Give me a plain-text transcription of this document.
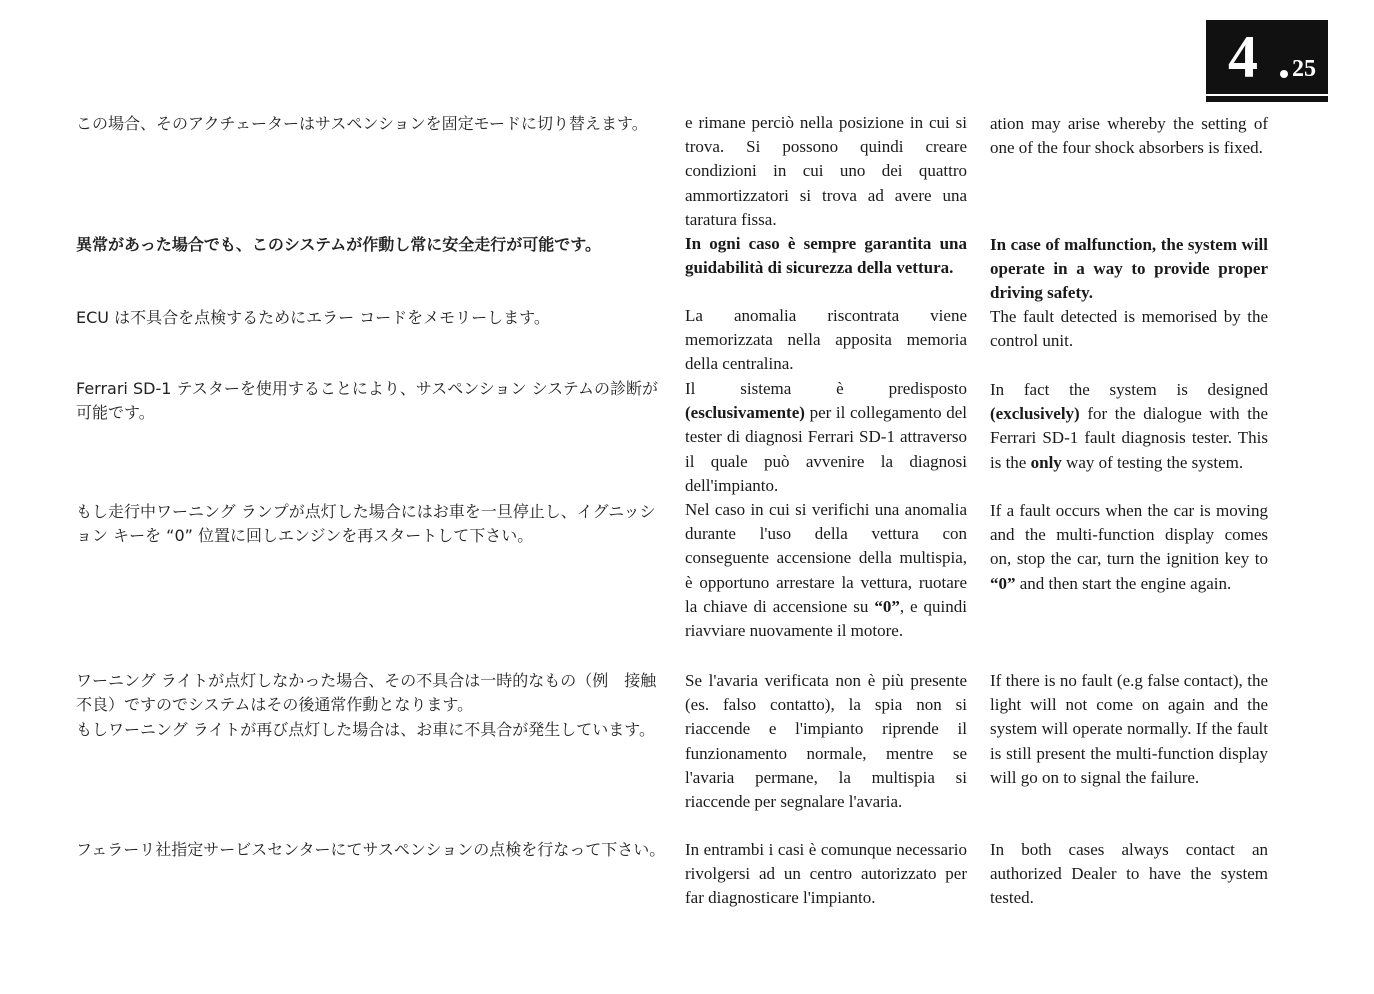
4 25

この場合、そのアクチェーターはサスペンションを固定モードに切り替えます。

異常があった場合でも、このシステムが作動し常に安全走行が可能です。

ECU は不具合を点検するためにエラー コードをメモリーします。

Ferrari SD-1 テスターを使用することにより、サスペンション システムの診断が可能です。

もし走行中ワーニング ランプが点灯した場合にはお車を一旦停止し、イグニッション キーを “0” 位置に回しエンジンを再スタートして下さい。

ワーニング ライトが点灯しなかった場合、その不具合は一時的なもの（例　接触不良）ですのでシステムはその後通常作動となります。

もしワーニング ライトが再び点灯した場合は、お車に不具合が発生しています。

フェラーリ社指定サービスセンターにてサスペンションの点検を行なって下さい。

e rimane perciò nella posizione in cui si trova. Si possono quindi creare condizioni in cui uno dei quattro ammortizzatori si trova ad avere una taratura fissa.

In ogni caso è sempre garantita una guidabilità di sicurezza della vettura.

La anomalia riscontrata viene memorizzata nella apposita memoria della centralina.

Il sistema è predisposto (esclusivamente) per il collegamento del tester di diagnosi Ferrari SD-1 attraverso il quale può avvenire la diagnosi dell'impianto.

Nel caso in cui si verifichi una anomalia durante l'uso della vettura con conseguente accensione della multispia, è opportuno arrestare la vettura, ruotare la chiave di accensione su “0”, e quindi riavviare nuovamente il motore.

Se l'avaria verificata non è più presente (es. falso contatto), la spia non si riaccende e l'impianto riprende il funzionamento normale, mentre se l'avaria permane, la multispia si riaccende per segnalare l'avaria.

In entrambi i casi è comunque necessario rivolgersi ad un centro autorizzato per far diagnosticare l'impianto.

ation may arise whereby the setting of one of the four shock absorbers is fixed.

In case of malfunction, the system will operate in a way to provide proper driving safety.

The fault detected is memorised by the control unit.

In fact the system is designed (exclusively) for the dialogue with the Ferrari SD-1 fault diagnosis tester. This is the only way of testing the system.

If a fault occurs when the car is moving and the multi-function display comes on, stop the car, turn the ignition key to “0” and then start the engine again.

If there is no fault (e.g false contact), the light will not come on again and the system will operate normally. If the fault is still present the multi-function display will go on to signal the failure.

In both cases always contact an authorized Dealer to have the system tested.
